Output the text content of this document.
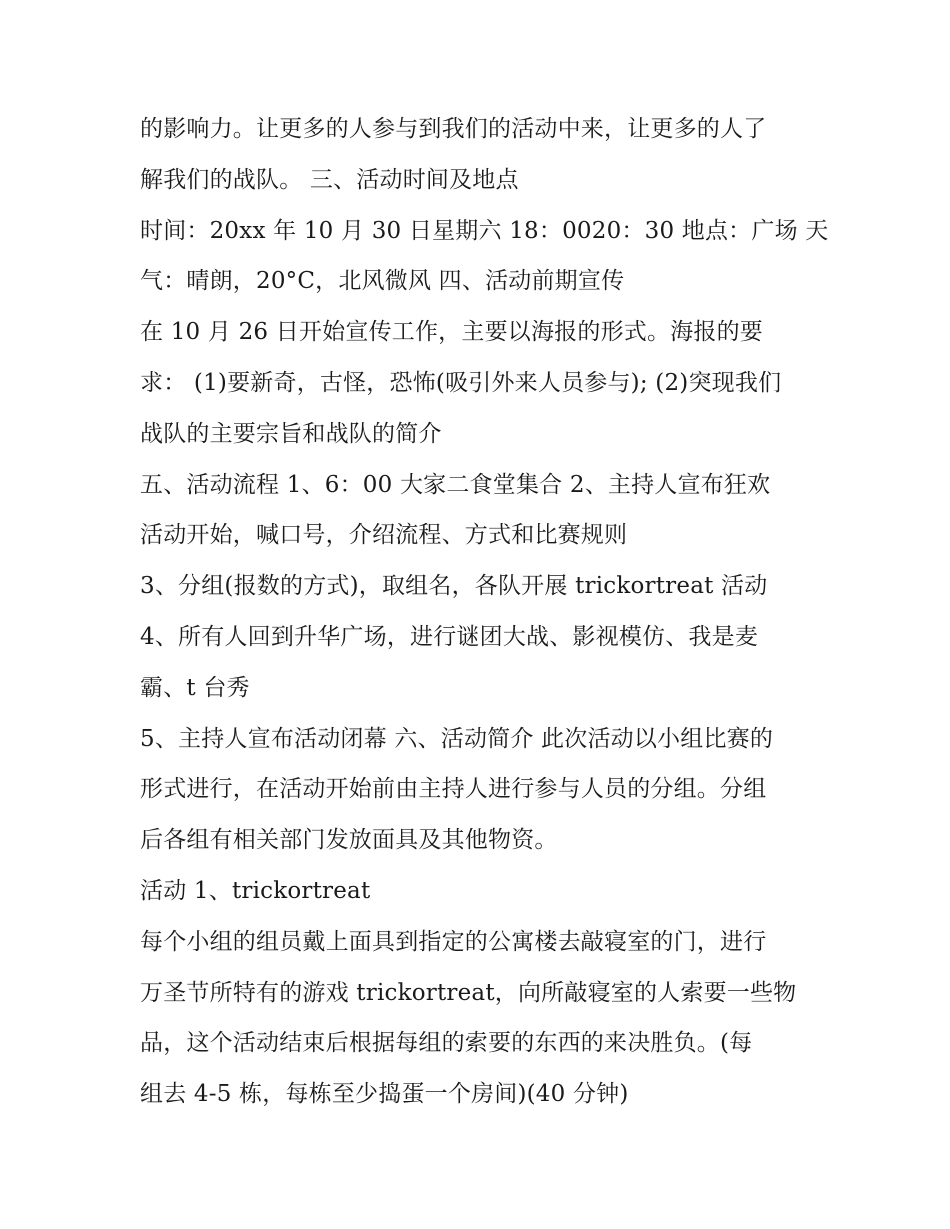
的影响力。让更多的人参与到我们的活动中来，让更多的人了
解我们的战队。 三、活动时间及地点
时间：20xx 年 10 月 30 日星期六 18：0020：30 地点：广场 天
气：晴朗，20°C，北风微风 四、活动前期宣传
在 10 月 26 日开始宣传工作，主要以海报的形式。海报的要
求： (1)要新奇，古怪，恐怖(吸引外来人员参与); (2)突现我们
战队的主要宗旨和战队的简介
五、活动流程 1、6：00 大家二食堂集合 2、主持人宣布狂欢
活动开始，喊口号，介绍流程、方式和比赛规则
3、分组(报数的方式)，取组名，各队开展 trickortreat 活动
4、所有人回到升华广场，进行谜团大战、影视模仿、我是麦
霸、t 台秀
5、主持人宣布活动闭幕 六、活动简介 此次活动以小组比赛的
形式进行，在活动开始前由主持人进行参与人员的分组。分组
后各组有相关部门发放面具及其他物资。
活动 1、trickortreat
每个小组的组员戴上面具到指定的公寓楼去敲寝室的门，进行
万圣节所特有的游戏 trickortreat，向所敲寝室的人索要一些物
品，这个活动结束后根据每组的索要的东西的来决胜负。(每
组去 4-5 栋，每栋至少捣蛋一个房间)(40 分钟)
